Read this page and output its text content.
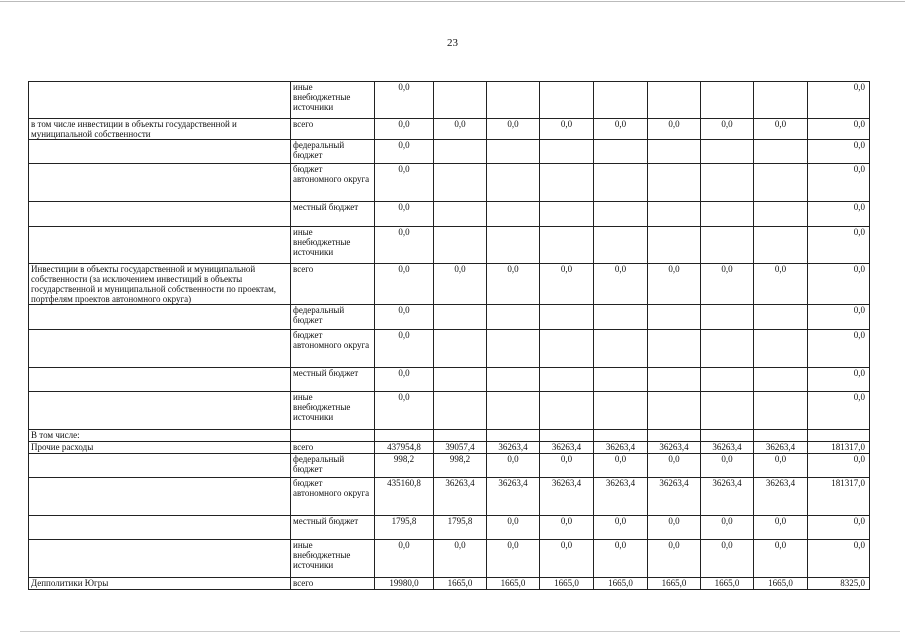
23
	иные внебюджетные источники	0,0								0,0
в том числе инвестиции в объекты государственной и муниципальной собственности	всего	0,0	0,0	0,0	0,0	0,0	0,0	0,0	0,0	0,0
	федеральный бюджет	0,0								0,0
	бюджет автономного округа	0,0								0,0
	местный бюджет	0,0								0,0
	иные внебюджетные источники	0,0								0,0
Инвестиции в объекты государственной и муниципальной собственности (за исключением инвестиций в объекты государственной и муниципальной собственности по проектам, портфелям проектов автономного округа)	всего	0,0	0,0	0,0	0,0	0,0	0,0	0,0	0,0	0,0
	федеральный бюджет	0,0								0,0
	бюджет автономного округа	0,0								0,0
	местный бюджет	0,0								0,0
	иные внебюджетные источники	0,0								0,0
В том числе:										
Прочие расходы	всего	437954,8	39057,4	36263,4	36263,4	36263,4	36263,4	36263,4	36263,4	181317,0
	федеральный бюджет	998,2	998,2	0,0	0,0	0,0	0,0	0,0	0,0	0,0
	бюджет автономного округа	435160,8	36263,4	36263,4	36263,4	36263,4	36263,4	36263,4	36263,4	181317,0
	местный бюджет	1795,8	1795,8	0,0	0,0	0,0	0,0	0,0	0,0	0,0
	иные внебюджетные источники	0,0	0,0	0,0	0,0	0,0	0,0	0,0	0,0	0,0
Депполитики Югры	всего	19980,0	1665,0	1665,0	1665,0	1665,0	1665,0	1665,0	1665,0	8325,0
